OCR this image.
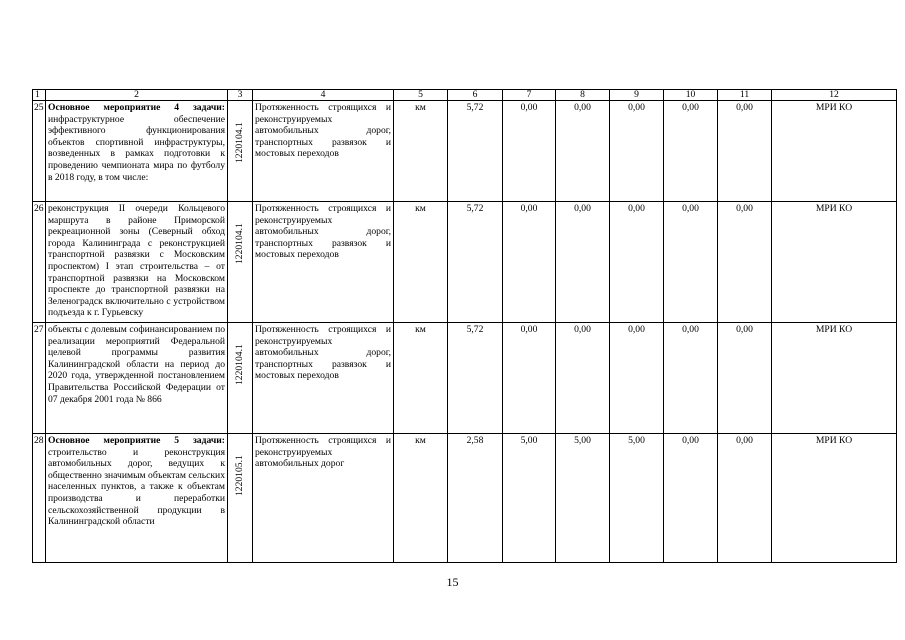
1	2	3	4	5	6	7	8	9	10	11	12
25	Основное мероприятие 4 задачи: инфраструктурное обеспечение эффективного функционирования объектов спортивной инфраструктуры, возведенных в рамках подготовки к проведению чемпионата мира по футболу в 2018 году, в том числе:	1220104.1	Протяженность строящихся и реконструируемых автомобильных дорог, транспортных развязок и мостовых переходов	км	5,72	0,00	0,00	0,00	0,00	0,00	МРИ КО
26	реконструкция II очереди Кольцевого маршрута в районе Приморской рекреационной зоны (Северный обход города Калининграда с реконструкцией транспортной развязки с Московским проспектом) I этап строительства – от транспортной развязки на Московском проспекте до транспортной развязки на Зеленоградск включительно с устройством подъезда к г. Гурьевску	1220104.1	Протяженность строящихся и реконструируемых автомобильных дорог, транспортных развязок и мостовых переходов	км	5,72	0,00	0,00	0,00	0,00	0,00	МРИ КО
27	объекты с долевым софинансированием по реализации мероприятий Федеральной целевой программы развития Калининградской области на период до 2020 года, утвержденной постановлением Правительства Российской Федерации от 07 декабря 2001 года № 866	1220104.1	Протяженность строящихся и реконструируемых автомобильных дорог, транспортных развязок и мостовых переходов	км	5,72	0,00	0,00	0,00	0,00	0,00	МРИ КО
28	Основное мероприятие 5 задачи: строительство и реконструкция автомобильных дорог, ведущих к общественно значимым объектам сельских населенных пунктов, а также к объектам производства и переработки сельскохозяйственной продукции в Калининградской области	1220105.1	Протяженность строящихся и реконструируемых автомобильных дорог	км	2,58	5,00	5,00	5,00	0,00	0,00	МРИ КО
15
